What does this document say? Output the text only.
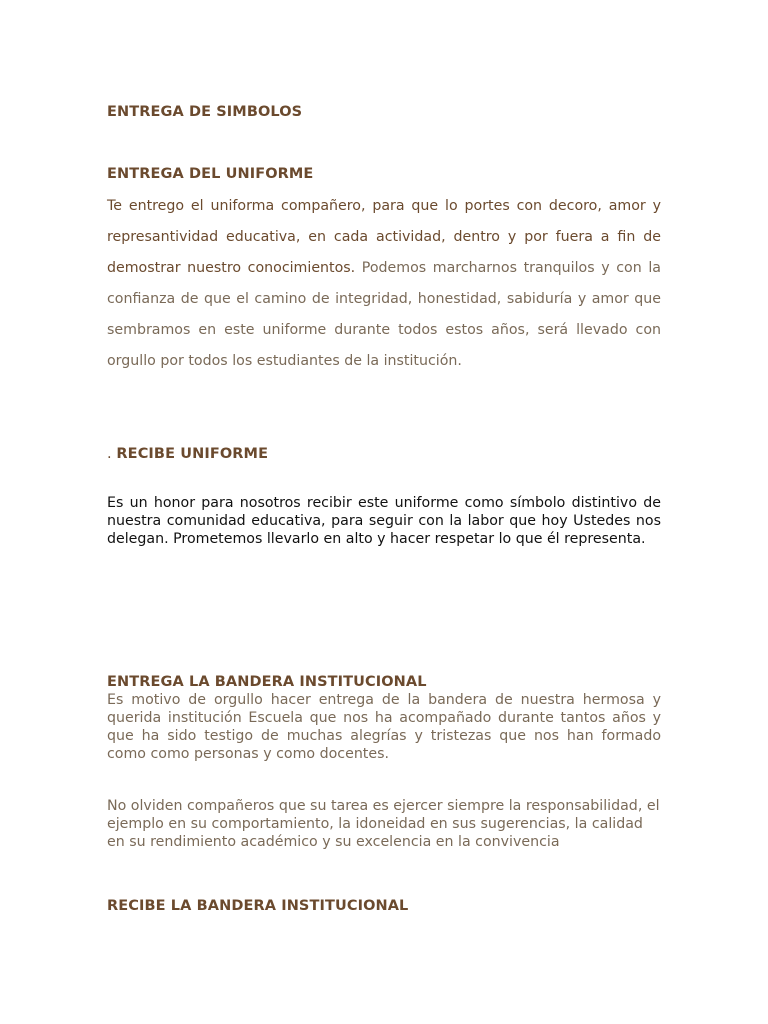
ENTREGA DE SIMBOLOS
ENTREGA DEL UNIFORME

Te entrego el uniforma compañero, para que lo portes con decoro, amor y represantividad educativa, en cada actividad, dentro y por fuera a fin de demostrar nuestro conocimientos. Podemos marcharnos tranquilos y con la confianza de que el camino de integridad, honestidad, sabiduría y amor que sembramos en este uniforme durante todos estos años, será llevado con orgullo por todos los estudiantes de la institución.

. RECIBE UNIFORME

Es un honor para nosotros recibir este uniforme como símbolo distintivo de nuestra comunidad educativa, para seguir con la labor que hoy Ustedes nos delegan. Prometemos llevarlo en alto y hacer respetar lo que él representa.

ENTREGA LA BANDERA INSTITUCIONAL

Es motivo de orgullo hacer entrega de la bandera de nuestra hermosa y querida institución Escuela que nos ha acompañado durante tantos años y que ha sido testigo de muchas alegrías y tristezas que nos han formado como como personas y como docentes.

No olviden compañeros que su tarea es ejercer siempre la responsabilidad, el ejemplo en su comportamiento, la idoneidad en sus sugerencias, la calidad en su rendimiento académico y su excelencia en la convivencia

RECIBE LA BANDERA INSTITUCIONAL
